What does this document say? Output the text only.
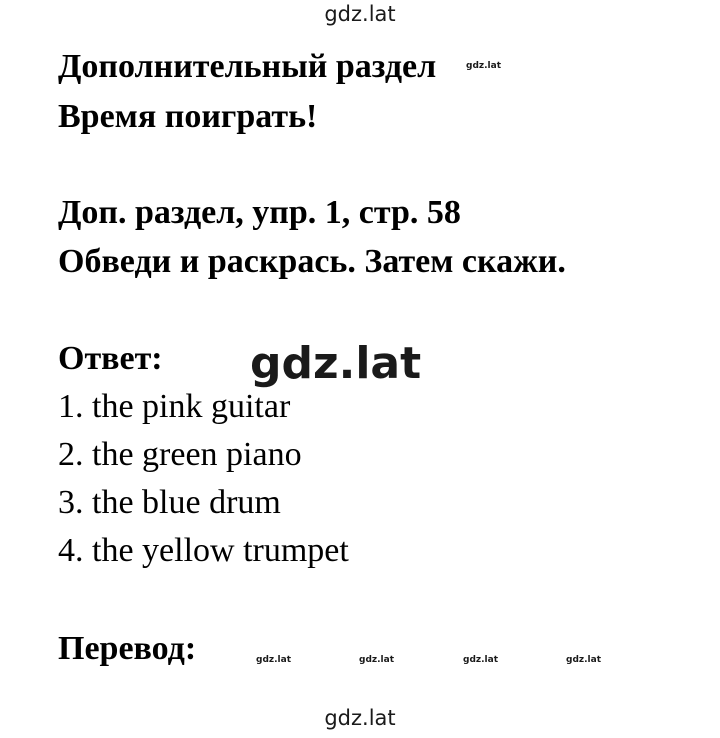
gdz.lat
Дополнительный раздел	gdz.lat
Время поиграть!
Доп. раздел, упр. 1, стр. 58
Обведи и раскрась. Затем скажи.
Ответ: gdz.lat
1. the pink guitar
2. the green piano
3. the blue drum
4. the yellow trumpet
Перевод:	gdz.lat	gdz.lat	gdz.lat	gdz.lat
gdz.lat
